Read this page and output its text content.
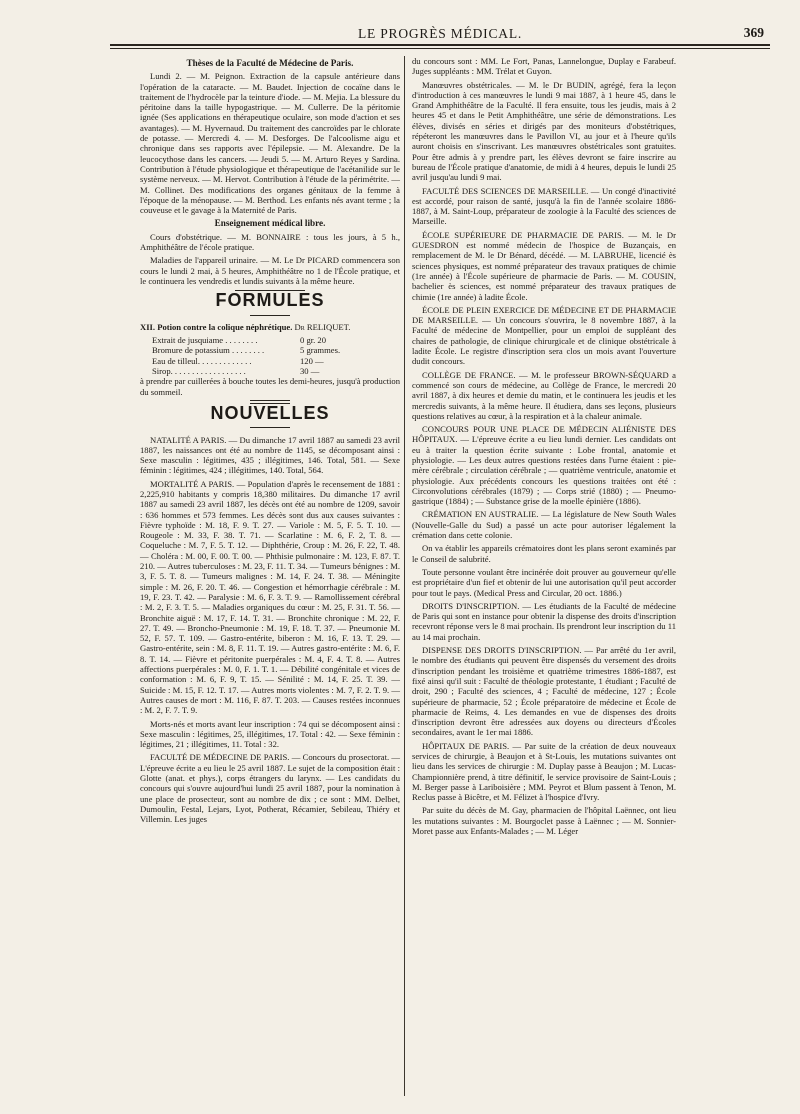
LE PROGRÈS MÉDICAL.	369
Thèses de la Faculté de Médecine de Paris.

Lundi 2. — M. Peignon. Extraction de la capsule antérieure dans l'opération de la cataracte. — M. Baudet. Injection de cocaïne dans le traitement de l'hydrocèle par la teinture d'iode. — M. Mejia. La blessure du péritoine dans la taille hypogastrique. — M. Cullerre. De la péritomie ignée (Ses applications en thérapeutique oculaire, son mode d'action et ses avantages). — M. Hyvernaud. Du traitement des cancroïdes par le chlorate de potasse. — Mercredi 4. — M. Desforges. De l'alcoolisme aigu et chronique dans ses rapports avec l'épilepsie. — M. Alexandre. De la leucocythose dans les cancers. — Jeudi 5. — M. Arturo Reyes y Sardina. Contribution à l'étude physiologique et thérapeutique de l'acétanilide sur le système nerveux. — M. Hervot. Contribution à l'étude de la périmétrite. — M. Collinet. Des modifications des organes génitaux de la femme à l'époque de la ménopause. — M. Berthod. Les enfants nés avant terme ; la couveuse et le gavage à la Maternité de Paris.

Enseignement médical libre.

Cours d'obstétrique. — M. BONNAIRE : tous les jours, à 5 h., Amphithéâtre de l'école pratique.

Maladies de l'appareil urinaire. — M. Le Dr PICARD commencera son cours le lundi 2 mai, à 5 heures, Amphithéâtre no 1 de l'École pratique, et le continuera les vendredis et lundis suivants à la même heure.

FORMULES

XII. Potion contre la colique néphrétique. Dr RELIQUET.

Extrait de jusquiame . . . . . . . .	0 gr. 20
Bromure de potassium . . . . . . . .	5 grammes.
Eau de tilleul. . . . . . . . . . . . .	120 —
Sirop. . . . . . . . . . . . . . . . . .	30 —

à prendre par cuillerées à bouche toutes les demi-heures, jusqu'à production du sommeil.

NOUVELLES

NATALITÉ A PARIS. — Du dimanche 17 avril 1887 au samedi 23 avril 1887, les naissances ont été au nombre de 1145, se décomposant ainsi : Sexe masculin : légitimes, 435 ; illégitimes, 146. Total, 581. — Sexe féminin : légitimes, 424 ; illégitimes, 140. Total, 564.

MORTALITÉ A PARIS. — Population d'après le recensement de 1881 : 2,225,910 habitants y compris 18,380 militaires. Du dimanche 17 avril 1887 au samedi 23 avril 1887, les décès ont été au nombre de 1209, savoir : 636 hommes et 573 femmes. Les décès sont dus aux causes suivantes : Fièvre typhoïde : M. 18, F. 9. T. 27. — Variole : M. 5, F. 5. T. 10. — Rougeole : M. 33, F. 38. T. 71. — Scarlatine : M. 6, F. 2, T. 8. — Coqueluche : M. 7, F. 5. T. 12. — Diphthérie, Croup : M. 26, F. 22, T. 48. — Choléra : M. 00, F. 00. T. 00. — Phthisie pulmonaire : M. 123, F. 87. T. 210. — Autres tuberculoses : M. 23, F. 11. T. 34. — Tumeurs bénignes : M. 3, F. 5. T. 8. — Tumeurs malignes : M. 14, F. 24. T. 38. — Méningite simple : M. 26, F. 20. T. 46. — Congestion et hémorrhagie cérébrale : M. 19, F. 23. T. 42. — Paralysie : M. 6, F. 3. T. 9. — Ramollissement cérébral : M. 2, F. 3. T. 5. — Maladies organiques du cœur : M. 25, F. 31. T. 56. — Bronchite aiguë : M. 17, F. 14. T. 31. — Bronchite chronique : M. 22, F. 27. T. 49. — Broncho-Pneumonie : M. 19, F. 18. T. 37. — Pneumonie M. 52, F. 57. T. 109. — Gastro-entérite, biberon : M. 16, F. 13. T. 29. — Gastro-entérite, sein : M. 8, F. 11. T. 19. — Autres gastro-entérite : M. 6, F. 8. T. 14. — Fièvre et péritonite puerpérales : M. 4, F. 4. T. 8. — Autres affections puerpérales : M. 0, F. 1. T. 1. — Débilité congénitale et vices de conformation : M. 6, F. 9, T. 15. — Sénilité : M. 14, F. 25. T. 39. — Suicide : M. 15, F. 12. T. 17. — Autres morts violentes : M. 7, F. 2. T. 9. — Autres causes de mort : M. 116, F. 87. T. 203. — Causes restées inconnues : M. 2, F. 7. T. 9.

Morts-nés et morts avant leur inscription : 74 qui se décomposent ainsi : Sexe masculin : légitimes, 25, illégitimes, 17. Total : 42. — Sexe féminin : légitimes, 21 ; illégitimes, 11. Total : 32.

FACULTÉ DE MÉDECINE DE PARIS. — Concours du prosectorat. — L'épreuve écrite a eu lieu le 25 avril 1887. Le sujet de la composition était : Glotte (anat. et phys.), corps étrangers du larynx. — Les candidats du concours qui s'ouvre aujourd'hui lundi 25 avril 1887, pour la nomination à une place de prosecteur, sont au nombre de dix ; ce sont : MM. Delbet, Dumoulin, Festal, Lejars, Lyot, Potherat, Récamier, Sebileau, Thiéry et Villemin. Les juges

du concours sont : MM. Le Fort, Panas, Lannelongue, Duplay e Farabeuf. Juges suppléants : MM. Trélat et Guyon.

Manœuvres obstétricales. — M. le Dr BUDIN, agrégé, fera la leçon d'introduction à ces manœuvres le lundi 9 mai 1887, à 1 heure 45, dans le Grand Amphithéâtre de la Faculté. Il fera ensuite, tous les jeudis, mais à 2 heures 45 et dans le Petit Amphithéâtre, une série de démonstrations. Les élèves, divisés en séries et dirigés par des moniteurs d'obstétriques, répéteront les manœuvres dans le Pavillon VI, au jour et à l'heure qu'ils auront choisis en s'inscrivant. Les manœuvres obstétricales sont gratuites. Pour être admis à y prendre part, les élèves devront se faire inscrire au bureau de l'École pratique d'anatomie, de midi à 4 heures, depuis le lundi 25 avril jusqu'au lundi 9 mai.

FACULTÉ DES SCIENCES DE MARSEILLE. — Un congé d'inactivité est accordé, pour raison de santé, jusqu'à la fin de l'année scolaire 1886-1887, à M. Saint-Loup, préparateur de zoologie à la Faculté des sciences de Marseille.

ÉCOLE SUPÉRIEURE DE PHARMACIE DE PARIS. — M. le Dr GUESDRON est nommé médecin de l'hospice de Buzançais, en remplacement de M. le Dr Bénard, décédé. — M. LABRUHE, licencié ès sciences physiques, est nommé préparateur des travaux pratiques de chimie (1re année) à l'École supérieure de pharmacie de Paris. — M. COUSIN, bachelier ès sciences, est nommé préparateur des travaux pratiques de chimie (1re année) à ladite École.

ÉCOLE DE PLEIN EXERCICE DE MÉDECINE ET DE PHARMACIE DE MARSEILLE. — Un concours s'ouvrira, le 8 novembre 1887, à la Faculté de médecine de Montpellier, pour un emploi de suppléant des chaires de pathologie, de clinique chirurgicale et de clinique obstétricale à ladite École. Le registre d'inscription sera clos un mois avant l'ouverture dudit concours.

COLLÈGE DE FRANCE. — M. le professeur BROWN-SÉQUARD a commencé son cours de médecine, au Collège de France, le mercredi 20 avril 1887, à dix heures et demie du matin, et le continuera les jeudis et les mercredis suivants, à la même heure. Il étudiera, dans ses leçons, plusieurs questions relatives au cœur, à la respiration et à la chaleur animale.

CONCOURS POUR UNE PLACE DE MÉDECIN ALIÉNISTE DES HÔPITAUX. — L'épreuve écrite a eu lieu lundi dernier. Les candidats ont eu à traiter la question écrite suivante : Lobe frontal, anatomie et physiologie. — Les deux autres questions restées dans l'urne étaient : pie-mère cérébrale ; circulation cérébrale ; — quatrième ventricule, anatomie et physiologie. Aux précédents concours les questions traitées ont été : Circonvolutions cérébrales (1879) ; — Corps strié (1880) ; — Pneumo-gastrique (1884) ; — Substance grise de la moelle épinière (1886).

CRÉMATION EN AUSTRALIE. — La législature de New South Wales (Nouvelle-Galle du Sud) a passé un acte pour autoriser légalement la crémation dans cette colonie.

On va établir les appareils crématoires dont les plans seront examinés par le Conseil de salubrité.

Toute personne voulant être incinérée doit prouver au gouverneur qu'elle est propriétaire d'un fief et obtenir de lui une autorisation qu'il peut accorder pour tout le pays. (Medical Press and Circular, 20 oct. 1886.)

DROITS D'INSCRIPTION. — Les étudiants de la Faculté de médecine de Paris qui sont en instance pour obtenir la dispense des droits d'inscription recevront réponse vers le 8 mai prochain. Ils prendront leur inscription du 11 au 14 mai prochain.

DISPENSE DES DROITS D'INSCRIPTION. — Par arrêté du 1er avril, le nombre des étudiants qui peuvent être dispensés du versement des droits d'inscription pendant les troisième et quatrième trimestres 1886-1887, est fixé ainsi qu'il suit : Faculté de théologie protestante, 1 étudiant ; Faculté de droit, 290 ; Faculté des sciences, 4 ; Faculté de médecine, 127 ; École supérieure de pharmacie, 52 ; École préparatoire de médecine et École de pharmacie de Reims, 4. Les demandes en vue de dispenses des droits d'inscription devront être adressées aux doyens ou directeurs d'Écoles secondaires, avant le 1er mai 1886.

HÔPITAUX DE PARIS. — Par suite de la création de deux nouveaux services de chirurgie, à Beaujon et à St-Louis, les mutations suivantes ont lieu dans les services de chirurgie : M. Duplay passe à Beaujon ; M. Lucas-Championnière prend, à titre définitif, le service provisoire de Saint-Louis ; M. Berger passe à Lariboisière ; MM. Peyrot et Blum passent à Tenon, M. Reclus passe à Bicêtre, et M. Félizet à l'hospice d'Ivry.

Par suite du décès de M. Gay, pharmacien de l'hôpital Laënnec, ont lieu les mutations suivantes : M. Bourgoclet passe à Laënnec ; — M. Sonnier-Moret passe aux Enfants-Malades ; — M. Léger
